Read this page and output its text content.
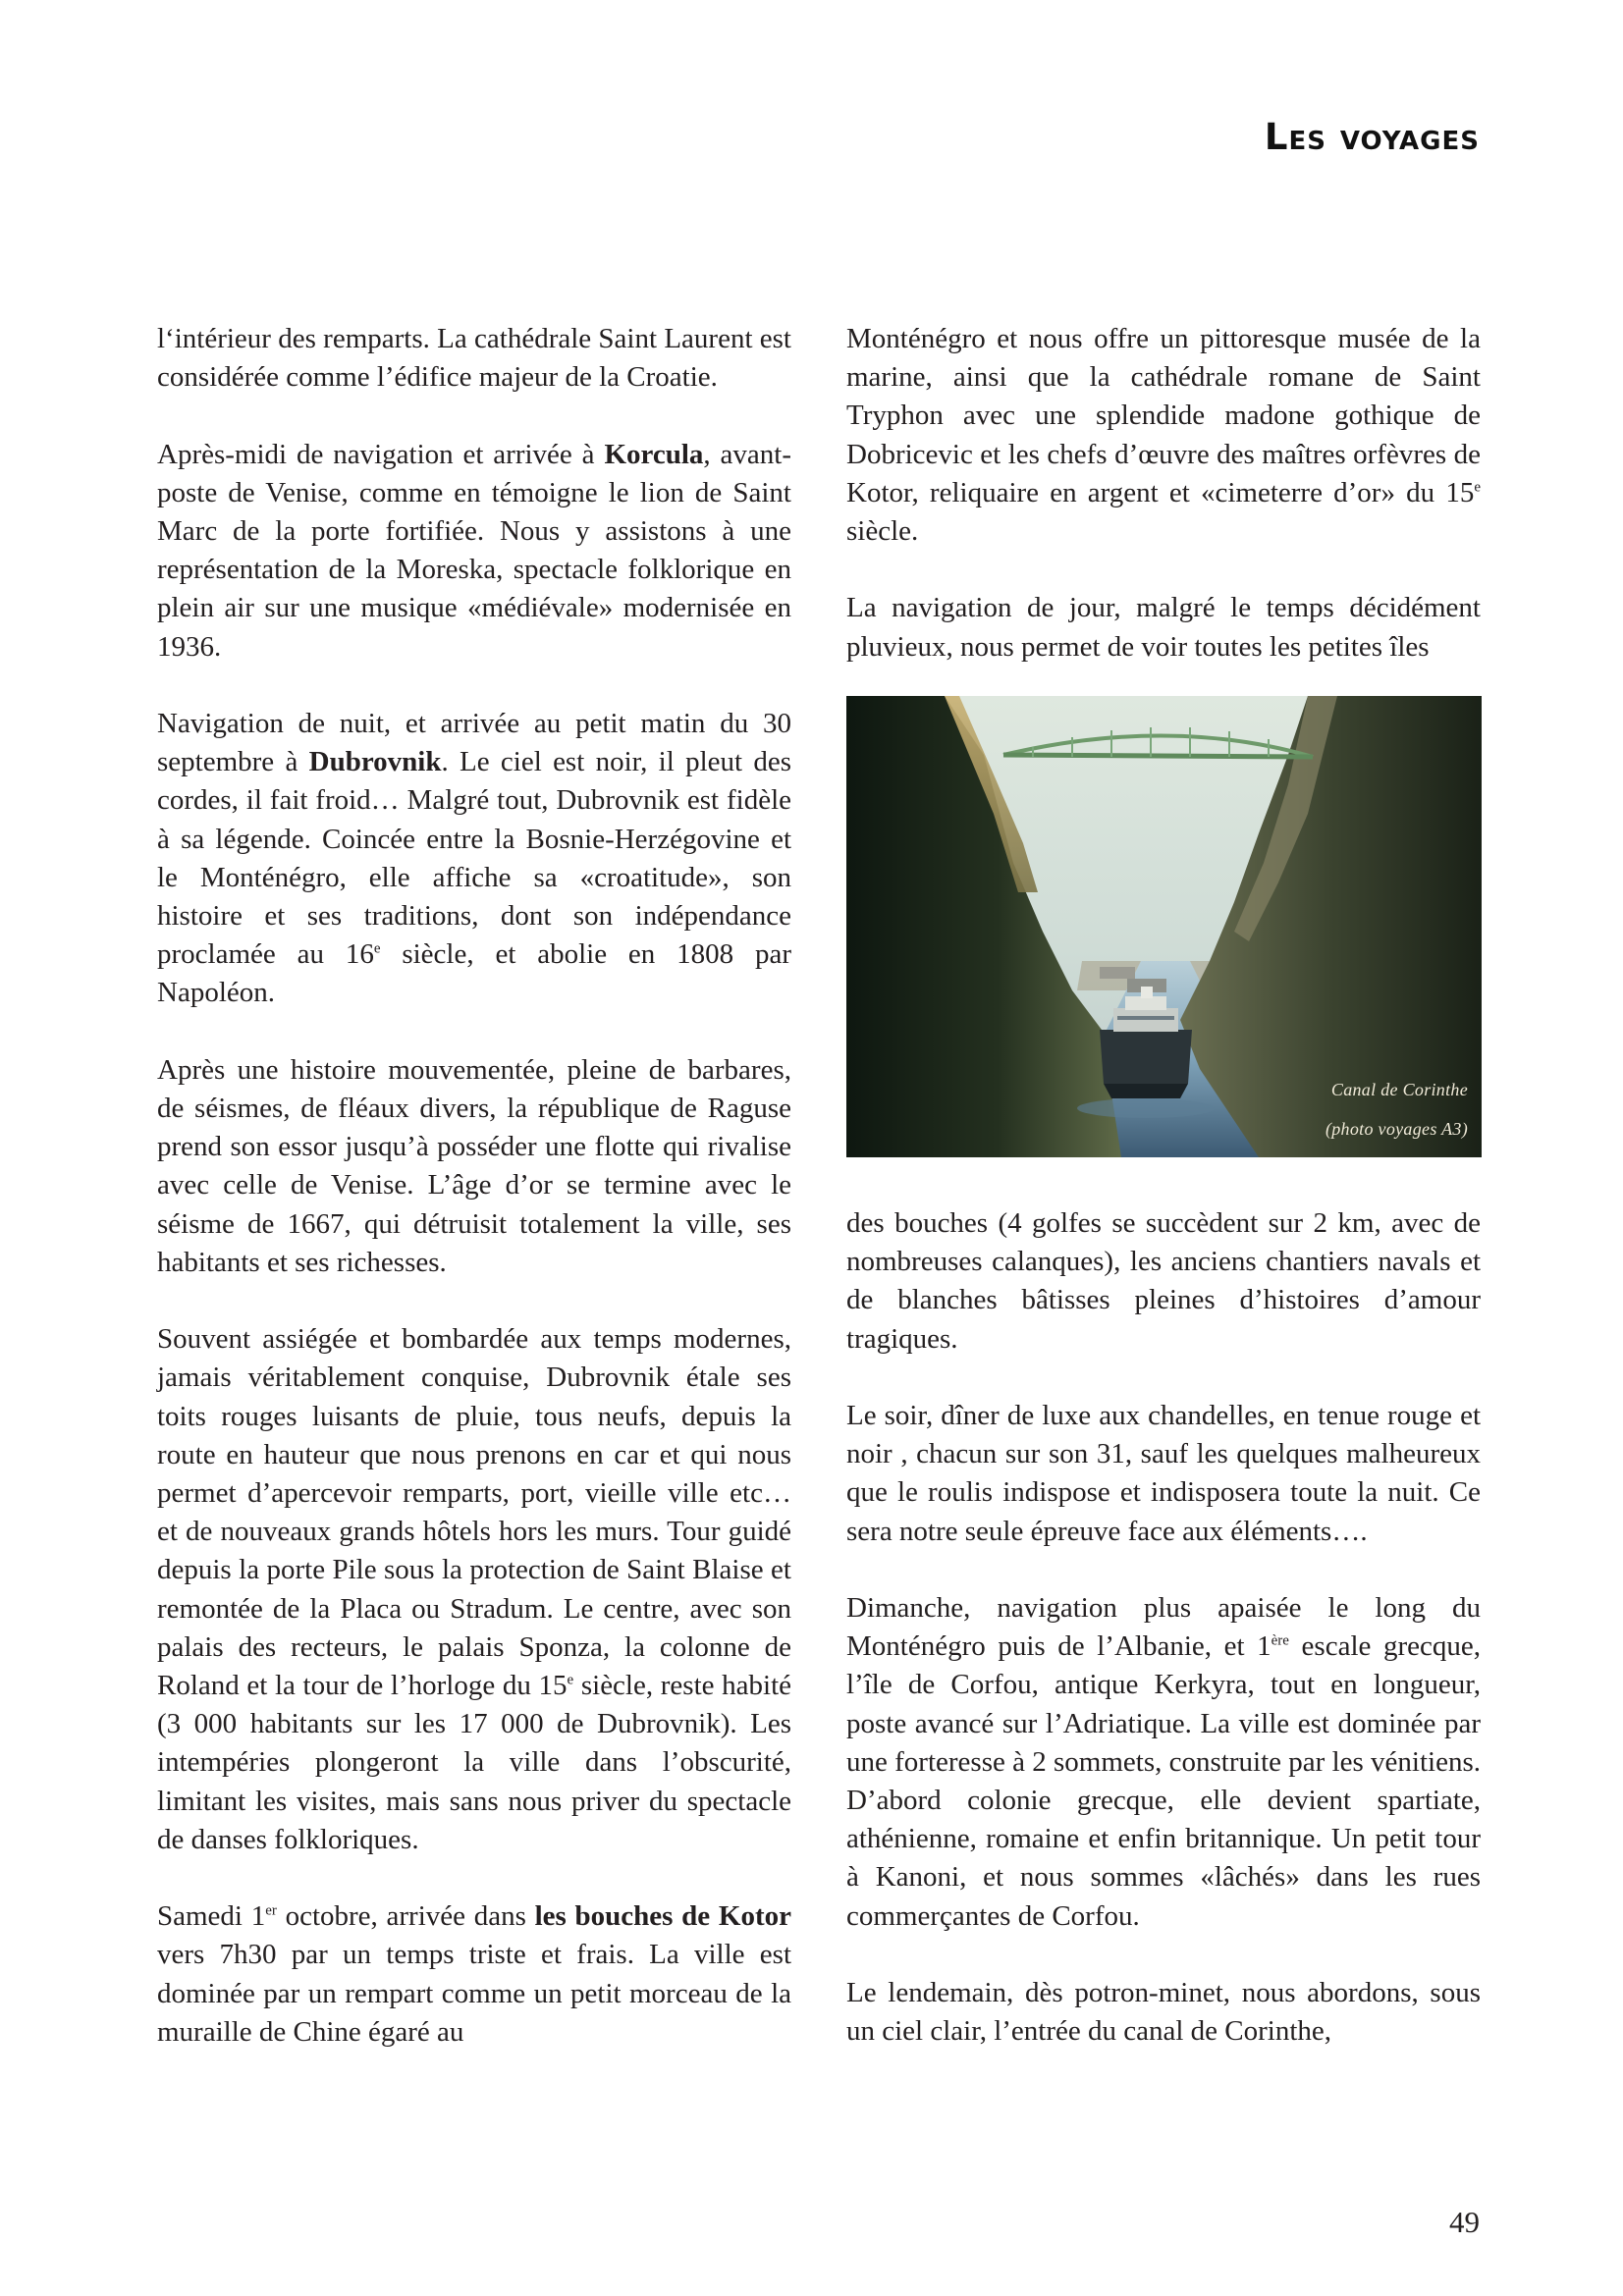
Les voyages

l‘intérieur des remparts. La cathédrale Saint Laurent est considérée comme l’édifice majeur de la Croatie.

Après-midi de navigation et arrivée à Korcula, avant-poste de Venise, comme en témoigne le lion de Saint Marc de la porte fortifiée. Nous y assistons à une représentation de la Moreska, spectacle folklorique en plein air sur une musique «médiévale» modernisée en 1936.

Navigation de nuit, et arrivée au petit matin du 30 septembre à Dubrovnik. Le ciel est noir, il pleut des cordes, il fait froid… Malgré tout, Dubrovnik est fidèle à sa légende. Coincée entre la Bosnie-Herzégovine et le Monténégro, elle affiche sa «croatitude», son histoire et ses traditions, dont son indépendance proclamée au 16e siècle, et abolie en 1808 par Napoléon.

Après une histoire mouvementée, pleine de barbares, de séismes, de fléaux divers, la république de Raguse prend son essor jusqu’à posséder une flotte qui rivalise avec celle de Venise. L’âge d’or se termine avec le séisme de 1667, qui détruisit totalement la ville, ses habitants et ses richesses.

Souvent assiégée et bombardée aux temps modernes, jamais véritablement conquise, Dubrovnik étale ses toits rouges luisants de pluie, tous neufs, depuis la route en hauteur que nous prenons en car et qui nous permet d’apercevoir remparts, port, vieille ville etc… et de nouveaux grands hôtels hors les murs. Tour guidé depuis la porte Pile sous la protection de Saint Blaise et remontée de la Placa ou Stradum. Le centre, avec son palais des recteurs, le palais Sponza, la colonne de Roland et la tour de l’horloge du 15e siècle, reste habité (3 000 habitants sur les 17 000 de Dubrovnik). Les intempéries plongeront la ville dans l’obscurité, limitant les visites, mais sans nous priver du spectacle de danses folkloriques.

Samedi 1er octobre, arrivée dans les bouches de Kotor vers 7h30 par un temps triste et frais. La ville est dominée par un rempart comme un petit morceau de la muraille de Chine égaré au

Monténégro et nous offre un pittoresque musée de la marine, ainsi que la cathédrale romane de Saint Tryphon avec une splendide madone gothique de Dobricevic et les chefs d’œuvre des maîtres orfèvres de Kotor, reliquaire en argent et «cimeterre d’or» du 15e siècle.

La navigation de jour, malgré le temps décidément pluvieux, nous permet de voir toutes les petites îles

Canal de Corinthe
(photo voyages A3)

des bouches (4 golfes se succèdent sur 2 km, avec de nombreuses calanques), les anciens chantiers navals et de blanches bâtisses pleines d’histoires d’amour tragiques.

Le soir, dîner de luxe aux chandelles, en tenue rouge et noir , chacun sur son 31, sauf les quelques malheureux que le roulis indispose et indisposera toute la nuit. Ce sera notre seule épreuve face aux éléments….

Dimanche, navigation plus apaisée le long du Monténégro puis de l’Albanie, et 1ère escale grecque, l’île de Corfou, antique Kerkyra, tout en longueur, poste avancé sur l’Adriatique. La ville est dominée par une forteresse à 2 sommets, construite par les vénitiens. D’abord colonie grecque, elle devient spartiate, athénienne, romaine et enfin britannique. Un petit tour à Kanoni, et nous sommes «lâchés» dans les rues commerçantes de Corfou.

Le lendemain, dès potron-minet, nous abordons, sous un ciel clair, l’entrée du canal de Corinthe,

49
